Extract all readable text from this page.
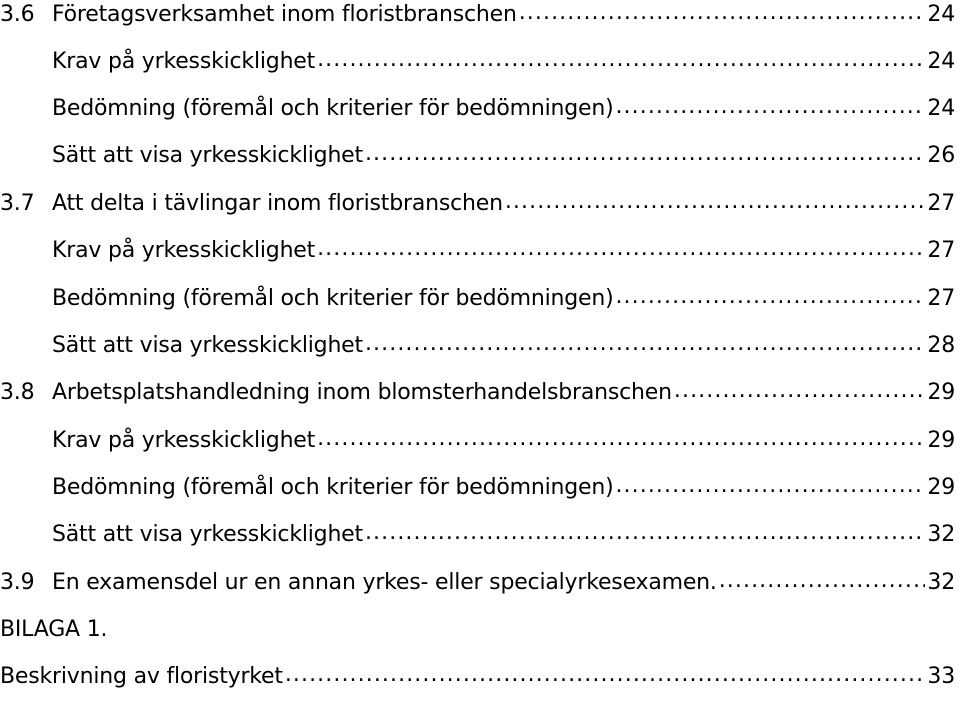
3.6 Företagsverksamhet inom floristbranschen .....	24
Krav på yrkesskicklighet .....	24
Bedömning (föremål och kriterier för bedömningen) .....	24
Sätt att visa yrkesskicklighet .....	26
3.7 Att delta i tävlingar inom floristbranschen .....	27
Krav på yrkesskicklighet .....	27
Bedömning (föremål och kriterier för bedömningen) .....	27
Sätt att visa yrkesskicklighet .....	28
3.8 Arbetsplatshandledning inom blomsterhandelsbranschen .....	29
Krav på yrkesskicklighet .....	29
Bedömning (föremål och kriterier för bedömningen) .....	29
Sätt att visa yrkesskicklighet .....	32
3.9 En examensdel ur en annan yrkes- eller specialyrkesexamen. .....	32
BILAGA 1.
Beskrivning av floristyrket .....	33
